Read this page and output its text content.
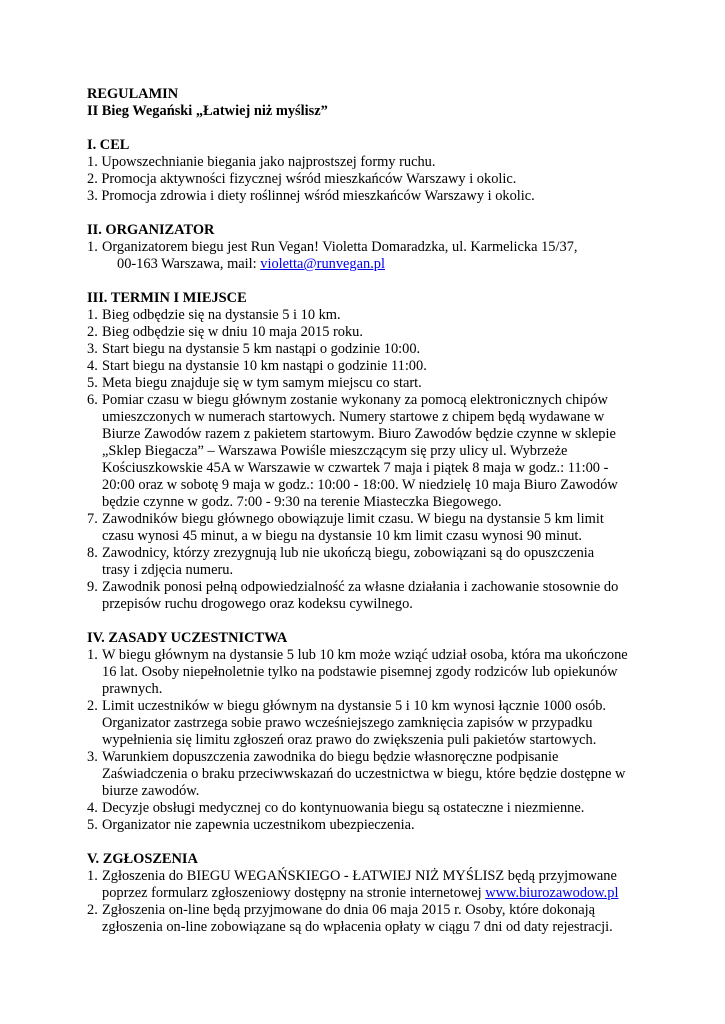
REGULAMIN
II Bieg Wegański „Łatwiej niż myślisz”
I. CEL
1. Upowszechnianie biegania jako najprostszej formy ruchu.
2. Promocja aktywności fizycznej wśród mieszkańców Warszawy i okolic.
3. Promocja zdrowia i diety roślinnej wśród mieszkańców Warszawy i okolic.
II. ORGANIZATOR
1. Organizatorem biegu jest Run Vegan! Violetta Domaradzka, ul. Karmelicka 15/37,
00-163 Warszawa, mail: violetta@runvegan.pl
III. TERMIN I MIEJSCE
1. Bieg odbędzie się na dystansie 5 i 10 km.
2. Bieg odbędzie się w dniu 10 maja 2015 roku.
3. Start biegu na dystansie 5 km nastąpi o godzinie 10:00.
4. Start biegu na dystansie 10 km nastąpi o godzinie 11:00.
5. Meta biegu znajduje się w tym samym miejscu co start.
6. Pomiar czasu w biegu głównym zostanie wykonany za pomocą elektronicznych chipów
umieszczonych w numerach startowych. Numery startowe z chipem będą wydawane w
Biurze Zawodów razem z pakietem startowym. Biuro Zawodów będzie czynne w sklepie
„Sklep Biegacza” – Warszawa Powiśle mieszczącym się przy ulicy ul. Wybrzeże
Kościuszkowskie 45A w Warszawie w czwartek 7 maja i piątek 8 maja w godz.: 11:00 -
20:00 oraz w sobotę 9 maja w godz.: 10:00 - 18:00. W niedzielę 10 maja Biuro Zawodów
będzie czynne w godz. 7:00 - 9:30 na terenie Miasteczka Biegowego.
7. Zawodników biegu głównego obowiązuje limit czasu. W biegu na dystansie 5 km limit
czasu wynosi 45 minut, a w biegu na dystansie 10 km limit czasu wynosi 90 minut.
8. Zawodnicy, którzy zrezygnują lub nie ukończą biegu, zobowiązani są do opuszczenia
trasy i zdjęcia numeru.
9. Zawodnik ponosi pełną odpowiedzialność za własne działania i zachowanie stosownie do
przepisów ruchu drogowego oraz kodeksu cywilnego.
IV. ZASADY UCZESTNICTWA
1. W biegu głównym na dystansie 5 lub 10 km może wziąć udział osoba, która ma ukończone
16 lat. Osoby niepełnoletnie tylko na podstawie pisemnej zgody rodziców lub opiekunów
prawnych.
2. Limit uczestników w biegu głównym na dystansie 5 i 10 km wynosi łącznie 1000 osób.
Organizator zastrzega sobie prawo wcześniejszego zamknięcia zapisów w przypadku
wypełnienia się limitu zgłoszeń oraz prawo do zwiększenia puli pakietów startowych.
3. Warunkiem dopuszczenia zawodnika do biegu będzie własnoręczne podpisanie
Zaświadczenia o braku przeciwwskazań do uczestnictwa w biegu, które będzie dostępne w
biurze zawodów.
4. Decyzje obsługi medycznej co do kontynuowania biegu są ostateczne i niezmienne.
5. Organizator nie zapewnia uczestnikom ubezpieczenia.
V. ZGŁOSZENIA
1. Zgłoszenia do BIEGU WEGAŃSKIEGO - ŁATWIEJ NIŻ MYŚLISZ będą przyjmowane
poprzez formularz zgłoszeniowy dostępny na stronie internetowej www.biurozawodow.pl
2. Zgłoszenia on-line będą przyjmowane do dnia 06 maja 2015 r. Osoby, które dokonają
zgłoszenia on-line zobowiązane są do wpłacenia opłaty w ciągu 7 dni od daty rejestracji.
